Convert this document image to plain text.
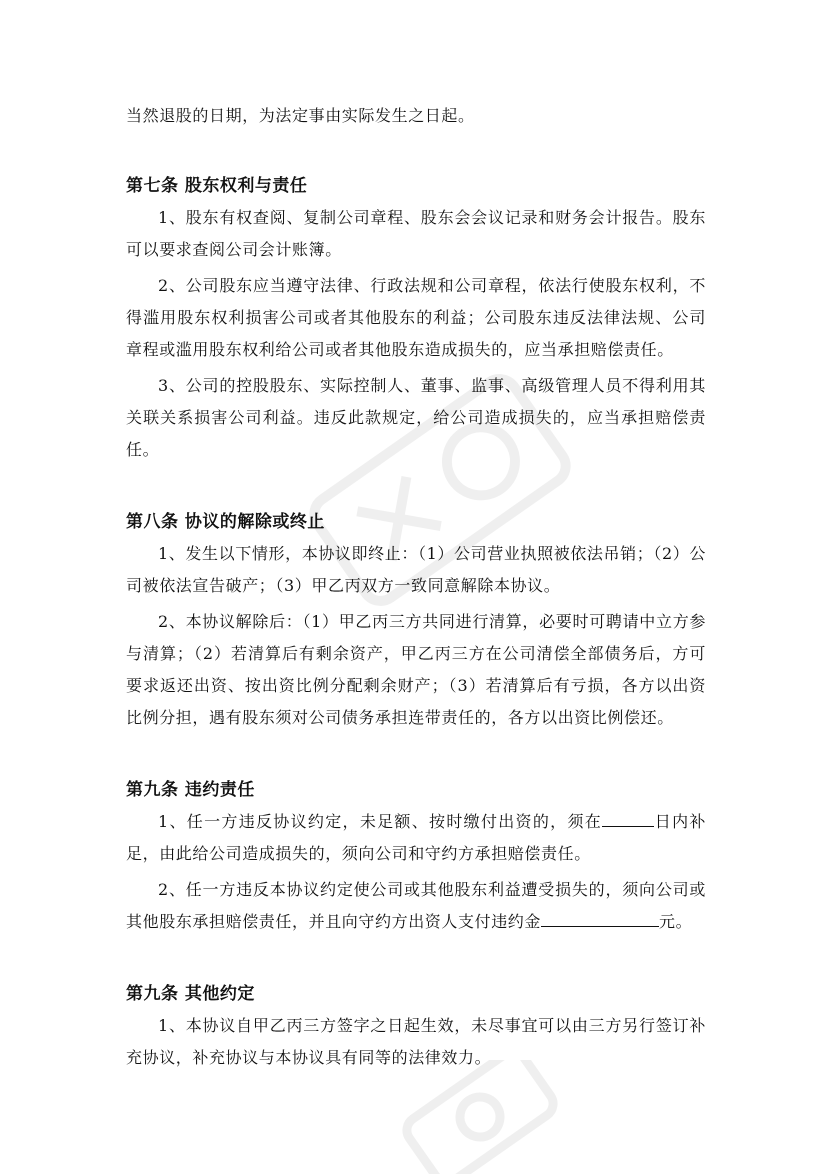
当然退股的日期，为法定事由实际发生之日起。

第七条 股东权利与责任

1、股东有权查阅、复制公司章程、股东会会议记录和财务会计报告。股东可以要求查阅公司会计账簿。

2、公司股东应当遵守法律、行政法规和公司章程，依法行使股东权利，不得滥用股东权利损害公司或者其他股东的利益；公司股东违反法律法规、公司章程或滥用股东权利给公司或者其他股东造成损失的，应当承担赔偿责任。

3、公司的控股股东、实际控制人、董事、监事、高级管理人员不得利用其关联关系损害公司利益。违反此款规定，给公司造成损失的，应当承担赔偿责任。

第八条 协议的解除或终止

1、发生以下情形，本协议即终止：（1）公司营业执照被依法吊销；（2）公司被依法宣告破产；（3）甲乙丙双方一致同意解除本协议。

2、本协议解除后：（1）甲乙丙三方共同进行清算，必要时可聘请中立方参与清算；（2）若清算后有剩余资产，甲乙丙三方在公司清偿全部债务后，方可要求返还出资、按出资比例分配剩余财产；（3）若清算后有亏损，各方以出资比例分担，遇有股东须对公司债务承担连带责任的，各方以出资比例偿还。

第九条 违约责任

1、任一方违反协议约定，未足额、按时缴付出资的，须在	日内补足，由此给公司造成损失的，须向公司和守约方承担赔偿责任。

2、任一方违反本协议约定使公司或其他股东利益遭受损失的，须向公司或其他股东承担赔偿责任，并且向守约方出资人支付违约金	元。

第九条 其他约定

1、本协议自甲乙丙三方签字之日起生效，未尽事宜可以由三方另行签订补充协议，补充协议与本协议具有同等的法律效力。
